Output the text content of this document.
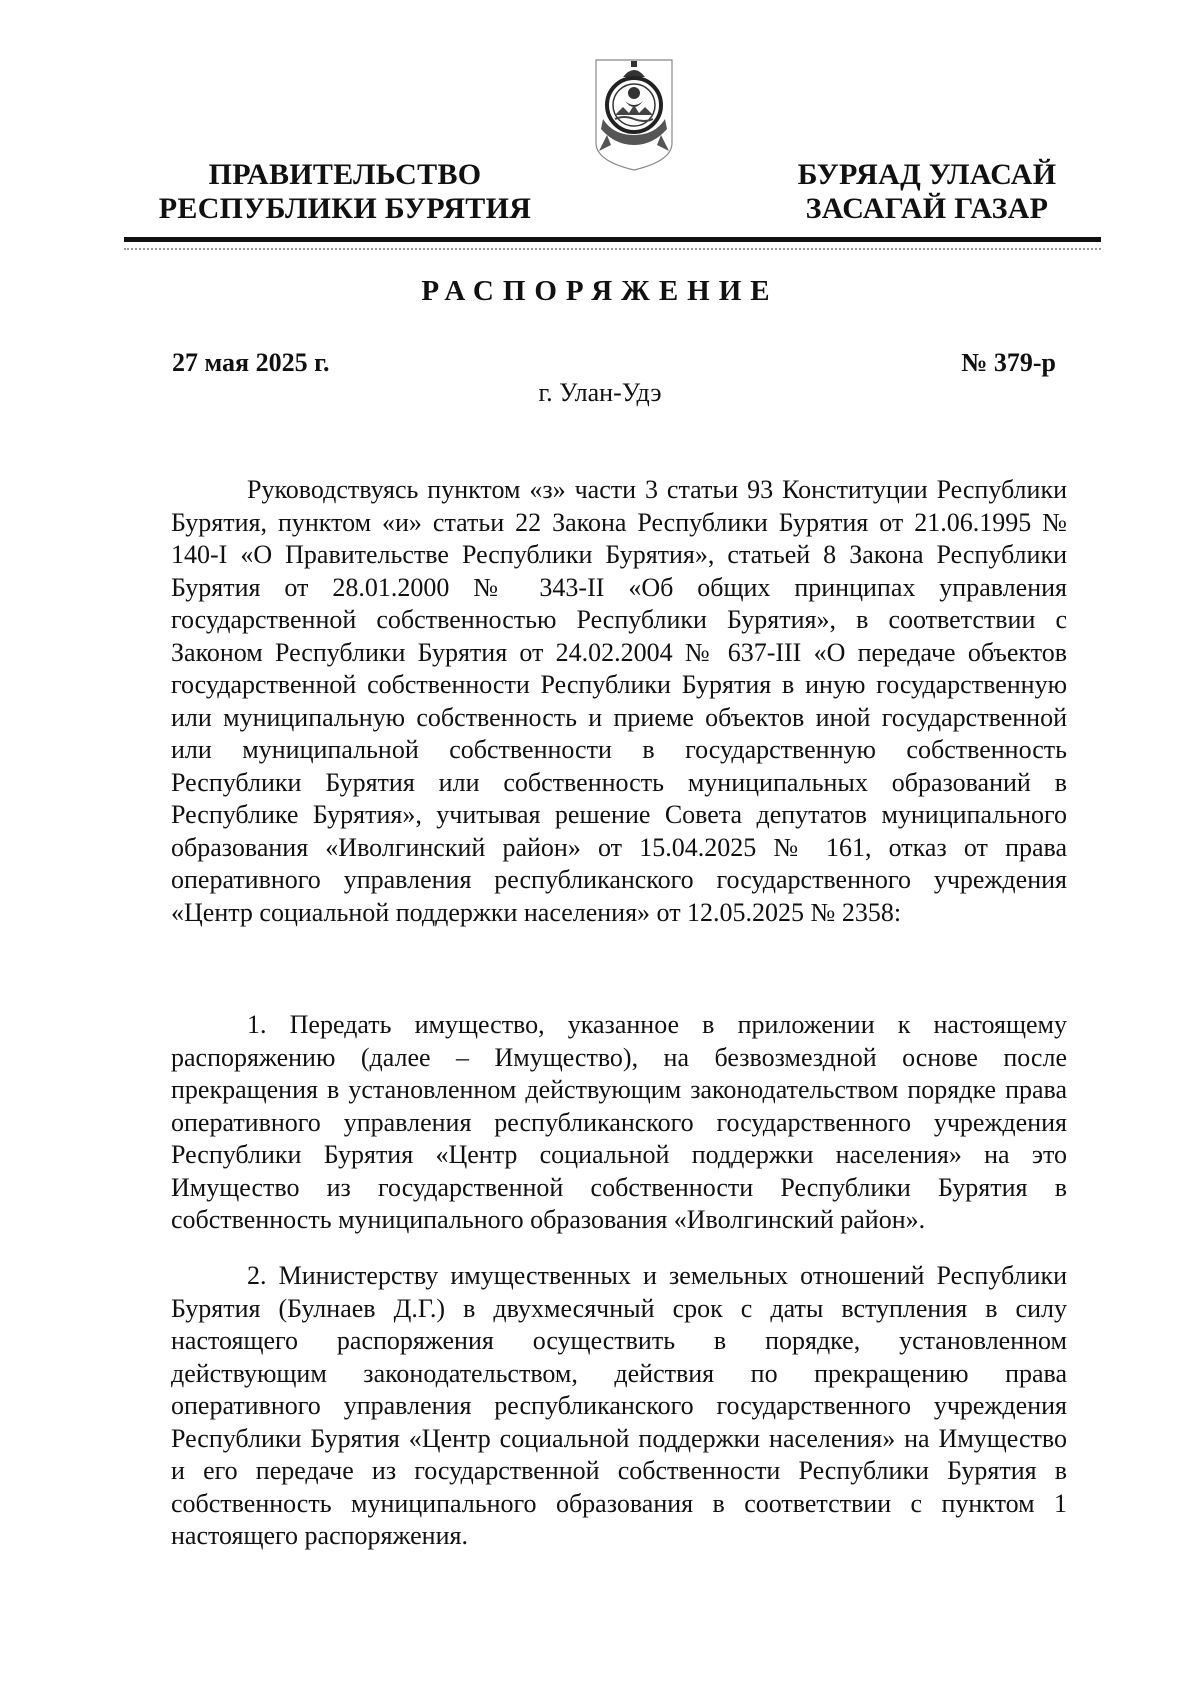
ПРАВИТЕЛЬСТВО
РЕСПУБЛИКИ БУРЯТИЯ
БУРЯАД УЛАСАЙ
ЗАСАГАЙ ГАЗАР
РАСПОРЯЖЕНИЕ
27 мая 2025 г.	№ 379-р
г. Улан-Удэ

Руководствуясь пунктом «з» части 3 статьи 93 Конституции Республики Бурятия, пунктом «и» статьи 22 Закона Республики Бурятия от 21.06.1995 № 140-I «О Правительстве Республики Бурятия», статьей 8 Закона Республики Бурятия от 28.01.2000 № 343-II «Об общих принципах управления государственной собственностью Республики Бурятия», в соответствии с Законом Республики Бурятия от 24.02.2004 № 637-III «О передаче объектов государственной собственности Республики Бурятия в иную государственную или муниципальную собственность и приеме объектов иной государственной или муниципальной собственности в государственную собственность Республики Бурятия или собственность муниципальных образований в Республике Бурятия», учитывая решение Совета депутатов муниципального образования «Иволгинский район» от 15.04.2025 № 161, отказ от права оперативного управления республиканского государственного учреждения «Центр социальной поддержки населения» от 12.05.2025 № 2358:

1. Передать имущество, указанное в приложении к настоящему распоряжению (далее – Имущество), на безвозмездной основе после прекращения в установленном действующим законодательством порядке права оперативного управления республиканского государственного учреждения Республики Бурятия «Центр социальной поддержки населения» на это Имущество из государственной собственности Республики Бурятия в собственность муниципального образования «Иволгинский район».

2. Министерству имущественных и земельных отношений Республики Бурятия (Булнаев Д.Г.) в двухмесячный срок с даты вступления в силу настоящего распоряжения осуществить в порядке, установленном действующим законодательством, действия по прекращению права оперативного управления республиканского государственного учреждения Республики Бурятия «Центр социальной поддержки населения» на Имущество и его передаче из государственной собственности Республики Бурятия в собственность муниципального образования в соответствии с пунктом 1 настоящего распоряжения.
